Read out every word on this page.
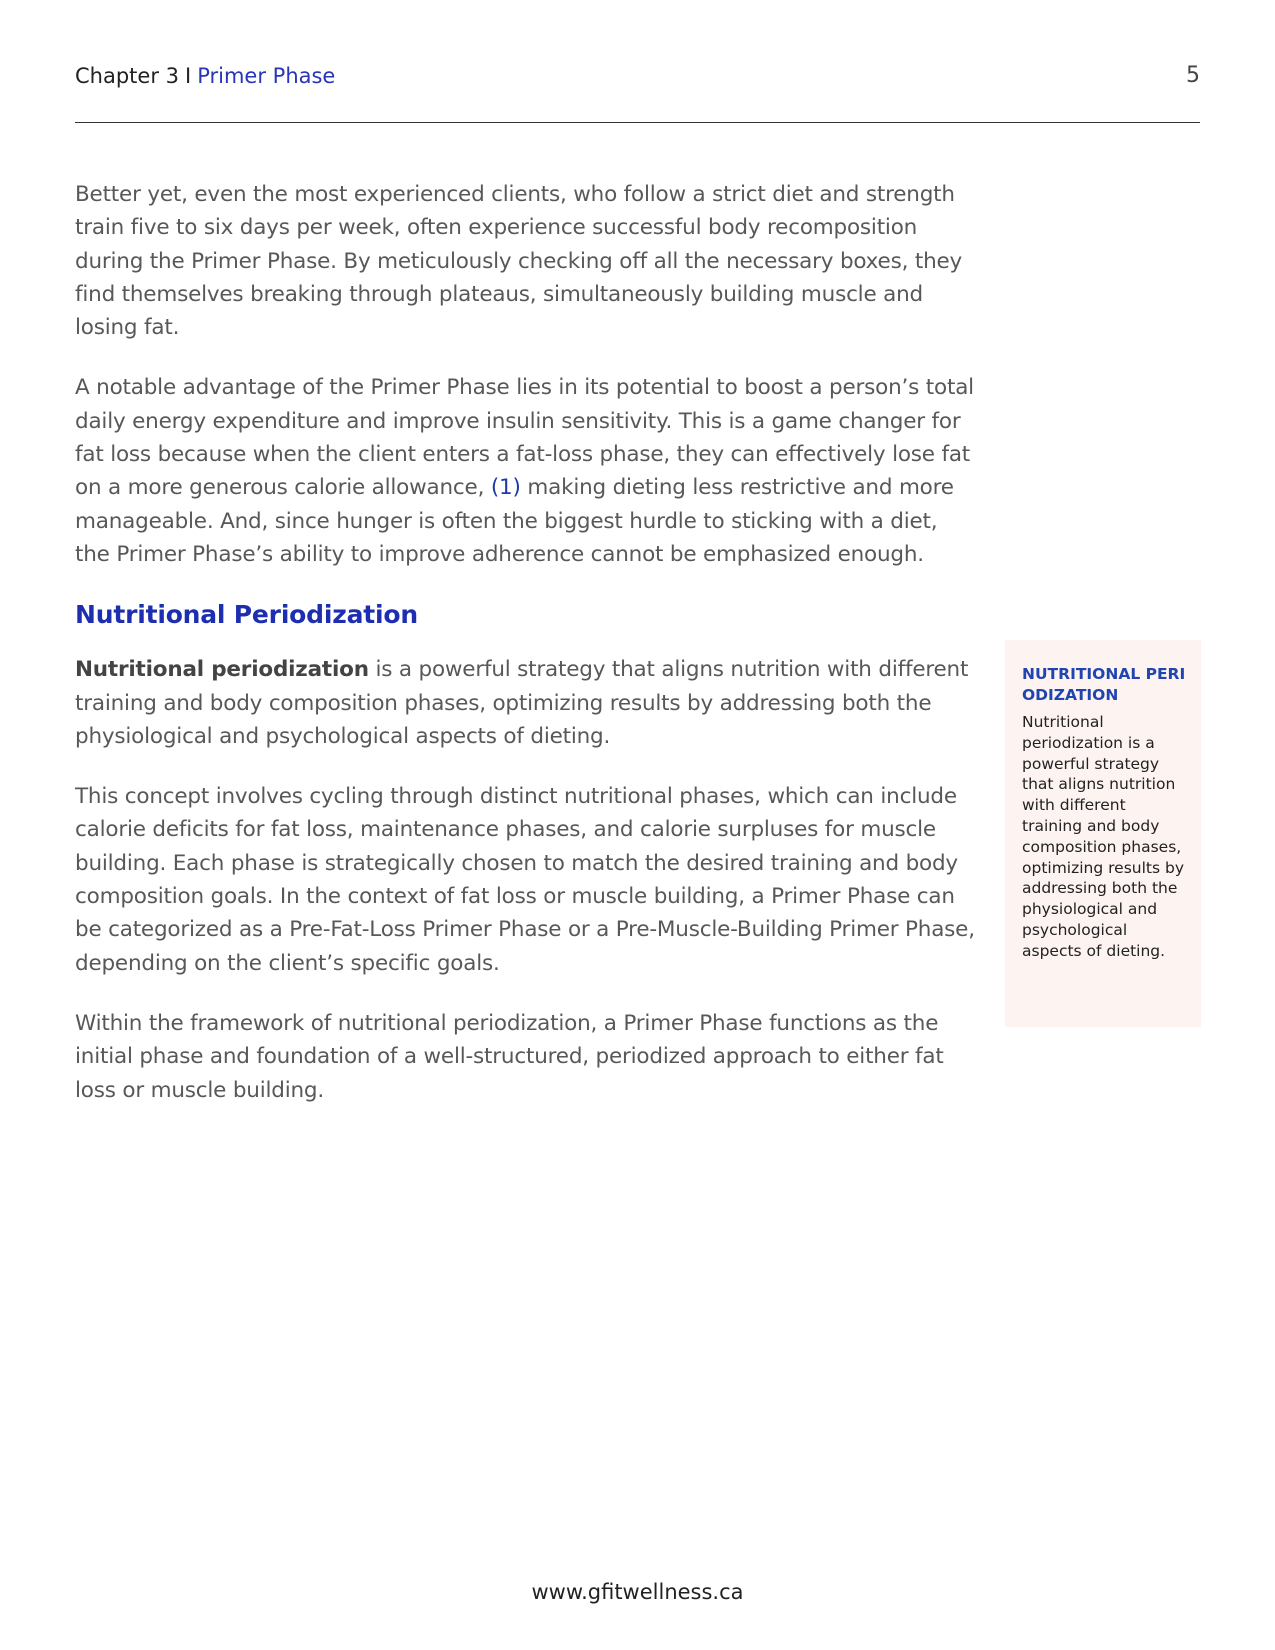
Chapter 3 I Primer Phase	5

Better yet, even the most experienced clients, who follow a strict diet and strength train five to six days per week, often experience successful body recomposition during the Primer Phase. By meticulously checking off all the necessary boxes, they find themselves breaking through plateaus, simultaneously building muscle and losing fat.

A notable advantage of the Primer Phase lies in its potential to boost a person’s total daily energy expenditure and improve insulin sensitivity. This is a game changer for fat loss because when the client enters a fat-loss phase, they can effectively lose fat on a more generous calorie allowance, (1) making dieting less restrictive and more manageable. And, since hunger is often the biggest hurdle to sticking with a diet, the Primer Phase’s ability to improve adherence cannot be emphasized enough.

Nutritional Periodization

Nutritional periodization is a powerful strategy that aligns nutrition with different training and body composition phases, optimizing results by addressing both the physiological and psychological aspects of dieting.

This concept involves cycling through distinct nutritional phases, which can include calorie deficits for fat loss, maintenance phases, and calorie surpluses for muscle building. Each phase is strategically chosen to match the desired training and body composition goals. In the context of fat loss or muscle building, a Primer Phase can be categorized as a Pre-Fat-Loss Primer Phase or a Pre-Muscle-Building Primer Phase, depending on the client’s specific goals.

Within the framework of nutritional periodization, a Primer Phase functions as the initial phase and foundation of a well-structured, periodized approach to either fat loss or muscle building.

NUTRITIONAL PERIODIZATION
Nutritional periodization is a powerful strategy that aligns nutrition with different training and body composition phases, optimizing results by addressing both the physiological and psychological aspects of dieting.
www.gfitwellness.ca
